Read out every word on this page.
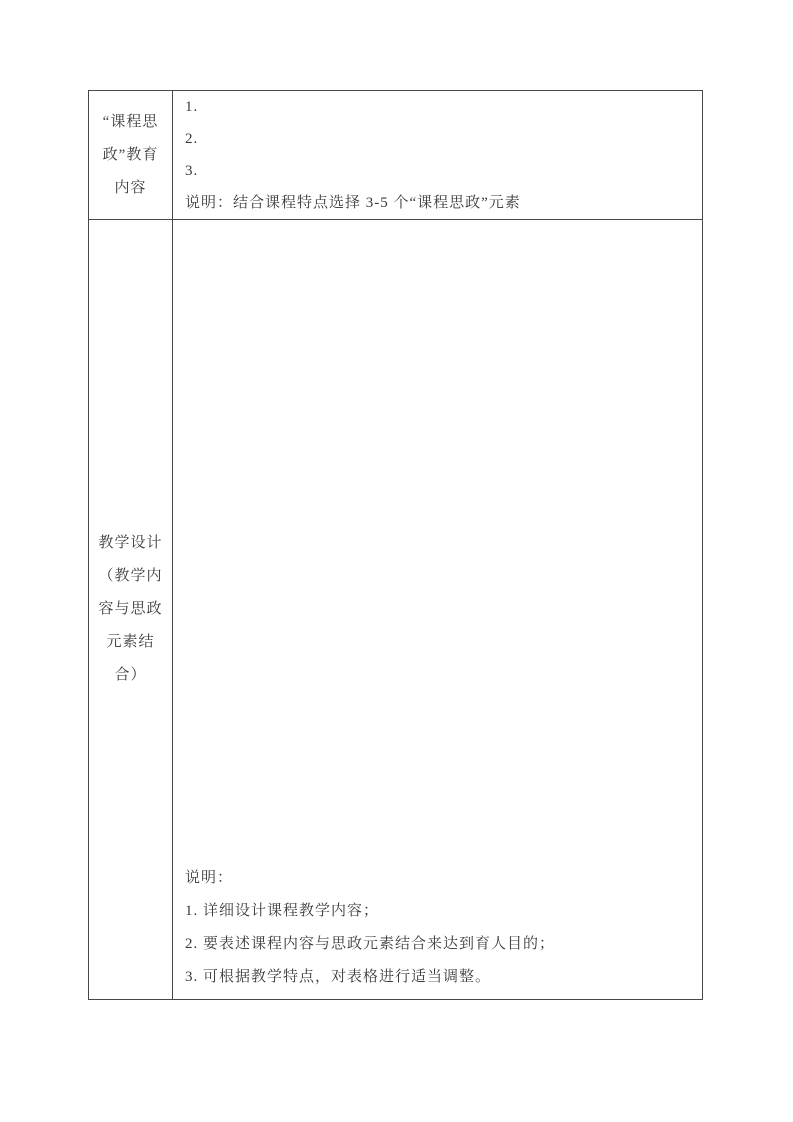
“课程思
政”教育
内容
1.
2.
3.
说明：结合课程特点选择 3-5 个“课程思政”元素
教学设计
（教学内
容与思政
元素结
合）
说明：
1. 详细设计课程教学内容；
2. 要表述课程内容与思政元素结合来达到育人目的；
3. 可根据教学特点，对表格进行适当调整。
